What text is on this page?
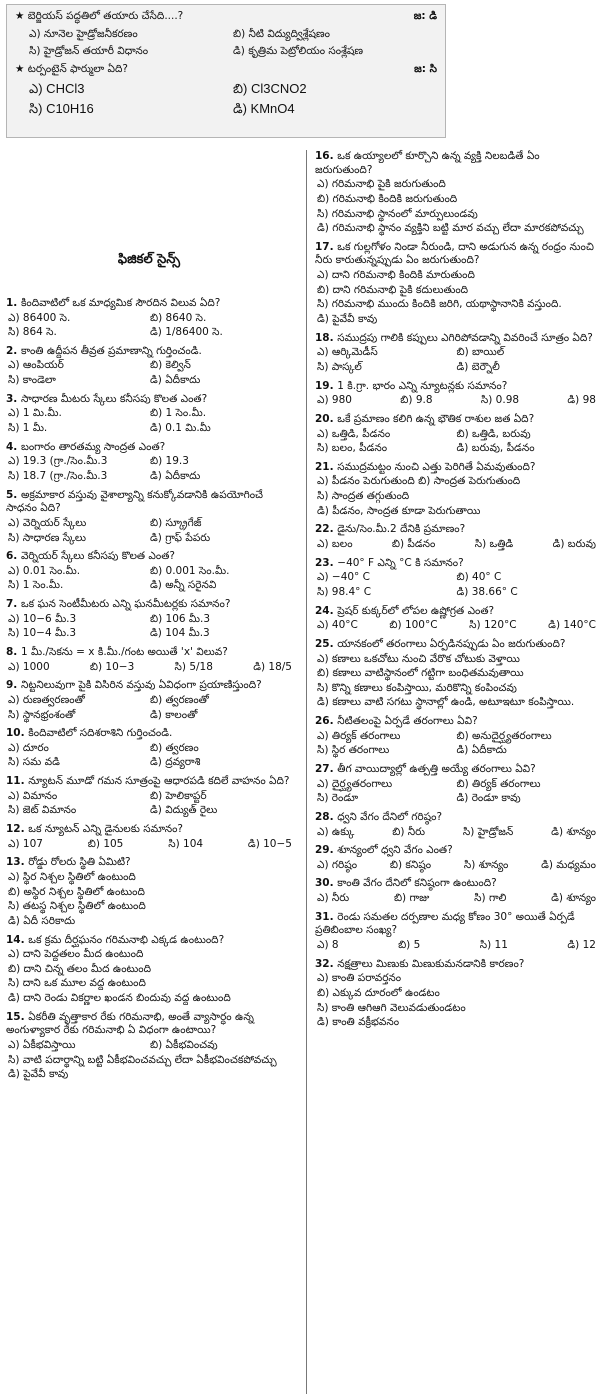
★ బెర్జియస్ పద్ధతిలో తయారు చేసేది....?	జ: డి
ఎ) నూనెల హైడ్రోజనీకరణం	బి) నీటి విద్యుద్విశ్లేషణం
సి) హైడ్రోజన్ తయారీ విధానం	డి) కృత్రిమ పెట్రోలియం సంశ్లేషణ
★ టర్పంటైన్ ఫార్ములా ఏది?	జ: సి
ఎ) CHCl3	బి) Cl3CNO2
సి) C10H16	డి) KMnO4
ఫిజికల్ సైన్స్
1. కిందివాటిలో ఒక మాధ్యమిక సౌరదిన విలువ ఏది?
ఎ) 86400 సె.	బి) 8640 సె.
సి) 864 సె.	డి) 1/86400 సె.
2. కాంతి ఉద్దీపన తీవ్రత ప్రమాణాన్ని గుర్తించండి.
ఎ) ఆంపియర్	బి) కెల్విన్
సి) కాండెలా	డి) ఏదీకాదు
3. సాధారణ మీటరు స్కేలు కనీసపు కొలత ఎంత?
ఎ) 1 మి.మీ.	బి) 1 సెం.మీ.
సి) 1 మీ.	డి) 0.1 మి.మీ
4. బంగారం తారతమ్య సాంద్రత ఎంత?
ఎ) 19.3 (గ్రా./సెం.మీ.3	బి) 19.3
సి) 18.7 (గ్రా./సెం.మీ.3	డి) ఏదీకాదు
5. అక్రమాకార వస్తువు వైశాల్యాన్ని కనుక్కోవడానికి ఉపయోగించే సాధనం ఏది?
ఎ) వెర్నియర్ స్కేలు	బి) స్క్రూగేజ్
సి) సాధారణ స్కేలు	డి) గ్రాఫ్ పేపరు
6. వెర్నియర్ స్కేలు కనీసపు కొలత ఎంత?
ఎ) 0.01 సెం.మీ.	బి) 0.001 సెం.మీ.
సి) 1 సెం.మీ.	డి) అన్నీ సరైనవి
7. ఒక ఘన సెంటీమీటరు ఎన్ని ఘనమీటర్లకు సమానం?
ఎ) 10−6 మీ.3	బి) 106 మీ.3
సి) 10−4 మీ.3	డి) 104 మీ.3
8. 1 మీ./సెకను = x కి.మీ./గంట అయితే 'x' విలువ?
ఎ) 1000	బి) 10−3	సి) 5/18	డి) 18/5
9. నిట్టనిలువుగా పైకి విసిరిన వస్తువు ఏవిధంగా ప్రయాణిస్తుంది?
ఎ) రుణత్వరణంతో	బి) త్వరణంతో
సి) స్థానభ్రంశంతో	డి) కాలంతో
10. కిందివాటిలో సదిశరాశిని గుర్తించండి.
ఎ) దూరం	బి) త్వరణం
సి) సమ వడి	డి) ద్రవ్యరాశి
11. న్యూటన్ మూడో గమన సూత్రంపై ఆధారపడి కదిలే వాహనం ఏది?
ఎ) విమానం	బి) హెలికాప్టర్
సి) జెట్ విమానం	డి) విద్యుత్ రైలు
12. ఒక న్యూటన్ ఎన్ని డైనులకు సమానం?
ఎ) 107	బి) 105	సి) 104	డి) 10−5
13. రోడ్డు రోలరు స్థితి ఏమిటి?
ఎ) స్థిర నిశ్చల స్థితిలో ఉంటుంది
బి) అస్థిర నిశ్చల స్థితిలో ఉంటుంది
సి) తటస్థ నిశ్చల స్థితిలో ఉంటుంది
డి) ఏదీ సరికాదు
14. ఒక క్రమ దీర్ఘఘనం గరిమనాభి ఎక్కడ ఉంటుంది?
ఎ) దాని పెద్దతలం మీద ఉంటుంది
బి) దాని చిన్న తలం మీద ఉంటుంది
సి) దాని ఒక మూల వద్ద ఉంటుంది
డి) దాని రెండు వికర్ణాల ఖండన బిందువు వద్ద ఉంటుంది
15. ఏకరీతి వృత్తాకార రేకు గరిమనాభి, అంతే వ్యాసార్ధం ఉన్న అంగుళ్యాకార రేకు గరిమనాభి ఏ విధంగా ఉంటాయి?
ఎ) ఏకీభవిస్తాయి	బి) ఏకీభవించవు
సి) వాటి పదార్థాన్ని బట్టి ఏకీభవించవచ్చు లేదా ఏకీభవించకపోవచ్చు
డి) పైవేవీ కావు
16. ఒక ఉయ్యాలలో కూర్చొని ఉన్న వ్యక్తి నిలబడితే ఏం జరుగుతుంది?
ఎ) గరిమనాభి పైకి జరుగుతుంది
బి) గరిమనాభి కిందికి జరుగుతుంది
సి) గరిమనాభి స్థానంలో మార్పులుండవు
డి) గరిమనాభి స్థానం వ్యక్తిని బట్టి మార వచ్చు లేదా మారకపోవచ్చు
17. ఒక గుల్లగోళం నిండా నీరుండి, దాని అడుగున ఉన్న రంధ్రం నుంచి నీరు కారుతున్నప్పుడు ఏం జరుగుతుంది?
ఎ) దాని గరిమనాభి కిందికి మారుతుంది
బి) దాని గరిమనాభి పైకి కదులుతుంది
సి) గరిమనాభి ముందు కిందికి జరిగి, యథాస్థానానికి వస్తుంది.
డి) పైవేవీ కావు
18. సముద్రపు గాలికి కప్పులు ఎగిరిపోవడాన్ని వివరించే సూత్రం ఏది?
ఎ) ఆర్కిమెడీస్	బి) బాయిల్
సి) పాస్కల్	డి) బెర్నౌలీ
19. 1 కి.గ్రా. భారం ఎన్ని న్యూటన్లకు సమానం?
ఎ) 980	బి) 9.8	సి) 0.98	డి) 98
20. ఒకే ప్రమాణం కలిగి ఉన్న భౌతిక రాశుల జత ఏది?
ఎ) ఒత్తిడి, పీడనం	బి) ఒత్తిడి, బరువు
సి) బలం, పీడనం	డి) బరువు, పీడనం
21. సముద్రమట్టం నుంచి ఎత్తు పెరిగితే ఏమవుతుంది?
ఎ) పీడనం పెరుగుతుంది బి) సాంద్రత పెరుగుతుంది
సి) సాంద్రత తగ్గుతుంది
డి) పీడనం, సాంద్రత కూడా పెరుగుతాయి
22. డైను/సెం.మీ.2 దేనికి ప్రమాణం?
ఎ) బలం	బి) పీడనం	సి) ఒత్తిడి	డి) బరువు
23. −40° F ఎన్ని °C కి సమానం?
ఎ) −40° C	బి) 40° C
సి) 98.4° C	డి) 38.66° C
24. ప్రెషర్ కుక్కర్‌లో లోపల ఉష్ణోగ్రత ఎంత?
ఎ) 40°C	బి) 100°C	సి) 120°C	డి) 140°C
25. యానకంలో తరంగాలు ఏర్పడినప్పుడు ఏం జరుగుతుంది?
ఎ) కణాలు ఒకచోటు నుంచి వేరొక చోటుకు వెళ్తాయి
బి) కణాలు వాటిస్థానంలో గట్టిగా బంధితమవుతాయి
సి) కొన్ని కణాలు కంపిస్తాయి, మరికొన్ని కంపించవు
డి) కణాలు వాటి సగటు స్థానాల్లో ఉండి, అటూఇటూ కంపిస్తాయి.
26. నీటితలంపై ఏర్పడే తరంగాలు ఏవి?
ఎ) తిర్యక్ తరంగాలు	బి) అనుదైర్ఘ్యతరంగాలు
సి) స్థిర తరంగాలు	డి) ఏదీకాదు
27. తీగ వాయిద్యాల్లో ఉత్పత్తి అయ్యే తరంగాలు ఏవి?
ఎ) దైర్ఘ్యతరంగాలు	బి) తిర్యక్ తరంగాలు
సి) రెండూ	డి) రెండూ కావు
28. ధ్వని వేగం దేనిలో గరిష్ఠం?
ఎ) ఉక్కు	బి) నీరు	సి) హైడ్రోజన్	డి) శూన్యం
29. శూన్యంలో ధ్వని వేగం ఎంత?
ఎ) గరిష్ఠం	బి) కనిష్ఠం	సి) శూన్యం	డి) మధ్యమం
30. కాంతి వేగం దేనిలో కనిష్ఠంగా ఉంటుంది?
ఎ) నీరు	బి) గాజు	సి) గాలి	డి) శూన్యం
31. రెండు సమతల దర్పణాల మధ్య కోణం 30° అయితే ఏర్పడే ప్రతిబింబాల సంఖ్య?
ఎ) 8	బి) 5	సి) 11	డి) 12
32. నక్షత్రాలు మిణుకు మిణుకుమనడానికి కారణం?
ఎ) కాంతి పరావర్తనం
బి) ఎక్కువ దూరంలో ఉండటం
సి) కాంతి ఆగిఆగి వెలువడుతుండటం
డి) కాంతి వక్రీభవనం
